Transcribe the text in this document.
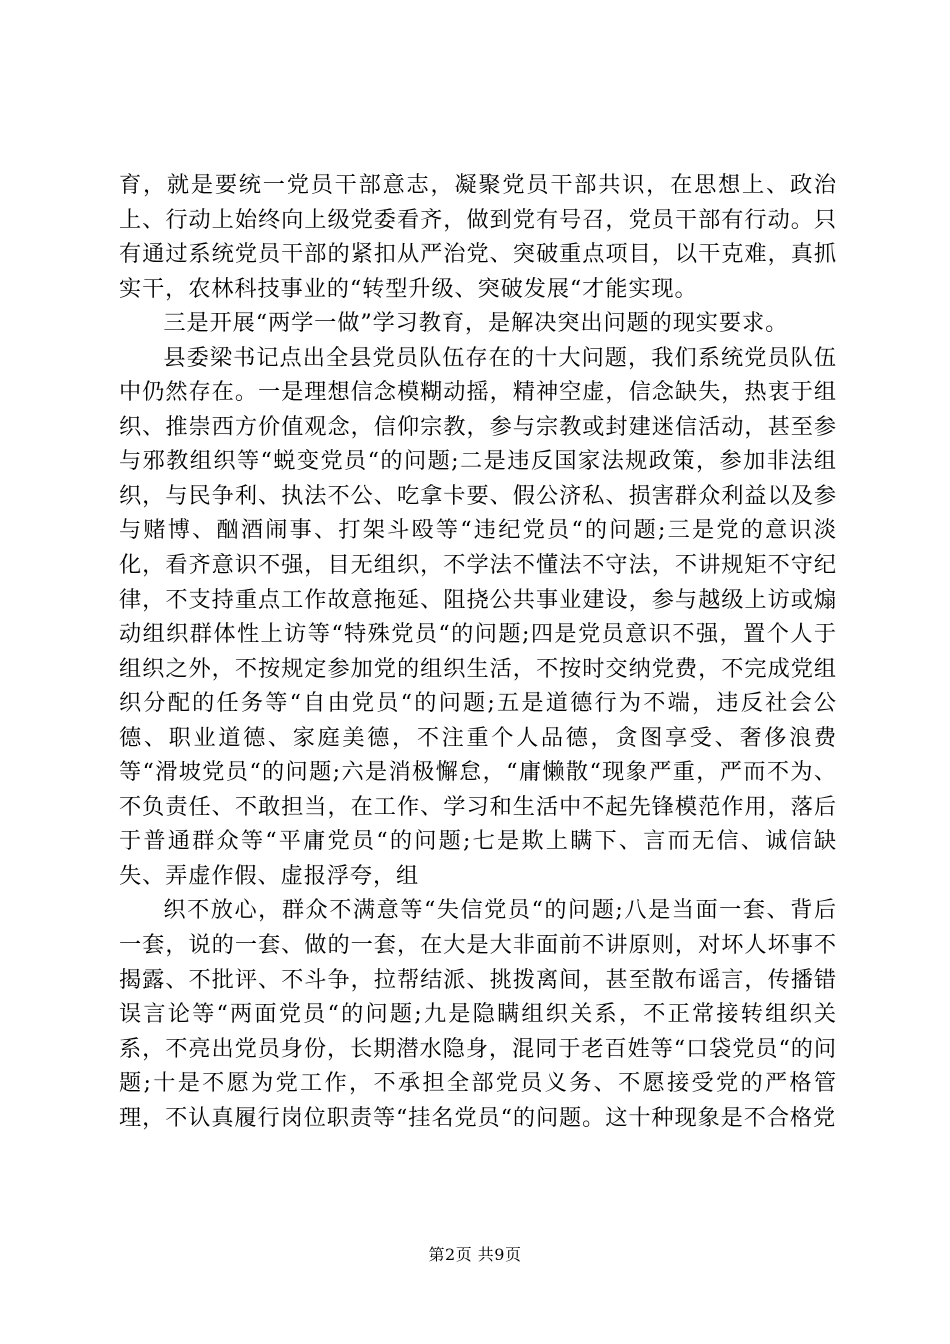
育，就是要统一党员干部意志，凝聚党员干部共识，在思想上、政治上、行动上始终向上级党委看齐，做到党有号召，党员干部有行动。只有通过系统党员干部的紧扣从严治党、突破重点项目，以干克难，真抓实干，农林科技事业的“转型升级、突破发展“才能实现。

三是开展“两学一做”学习教育，是解决突出问题的现实要求。

县委梁书记点出全县党员队伍存在的十大问题，我们系统党员队伍中仍然存在。一是理想信念模糊动摇，精神空虚，信念缺失，热衷于组织、推崇西方价值观念，信仰宗教，参与宗教或封建迷信活动，甚至参与邪教组织等“蜕变党员“的问题;二是违反国家法规政策，参加非法组织，与民争利、执法不公、吃拿卡要、假公济私、损害群众利益以及参与赌博、酗酒闹事、打架斗殴等“违纪党员“的问题;三是党的意识淡化，看齐意识不强，目无组织，不学法不懂法不守法，不讲规矩不守纪律，不支持重点工作故意拖延、阻挠公共事业建设，参与越级上访或煽动组织群体性上访等“特殊党员“的问题;四是党员意识不强，置个人于组织之外，不按规定参加党的组织生活，不按时交纳党费，不完成党组织分配的任务等“自由党员“的问题;五是道德行为不端，违反社会公德、职业道德、家庭美德，不注重个人品德，贪图享受、奢侈浪费等“滑坡党员“的问题;六是消极懈怠，“庸懒散“现象严重，严而不为、不负责任、不敢担当，在工作、学习和生活中不起先锋模范作用，落后于普通群众等“平庸党员“的问题;七是欺上瞒下、言而无信、诚信缺失、弄虚作假、虚报浮夸，组

织不放心，群众不满意等“失信党员“的问题;八是当面一套、背后一套，说的一套、做的一套，在大是大非面前不讲原则，对坏人坏事不揭露、不批评、不斗争，拉帮结派、挑拨离间，甚至散布谣言，传播错误言论等“两面党员“的问题;九是隐瞒组织关系，不正常接转组织关系，不亮出党员身份，长期潜水隐身，混同于老百姓等“口袋党员“的问题;十是不愿为党工作，不承担全部党员义务、不愿接受党的严格管理，不认真履行岗位职责等“挂名党员“的问题。这十种现象是不合格党

第2页 共9页
